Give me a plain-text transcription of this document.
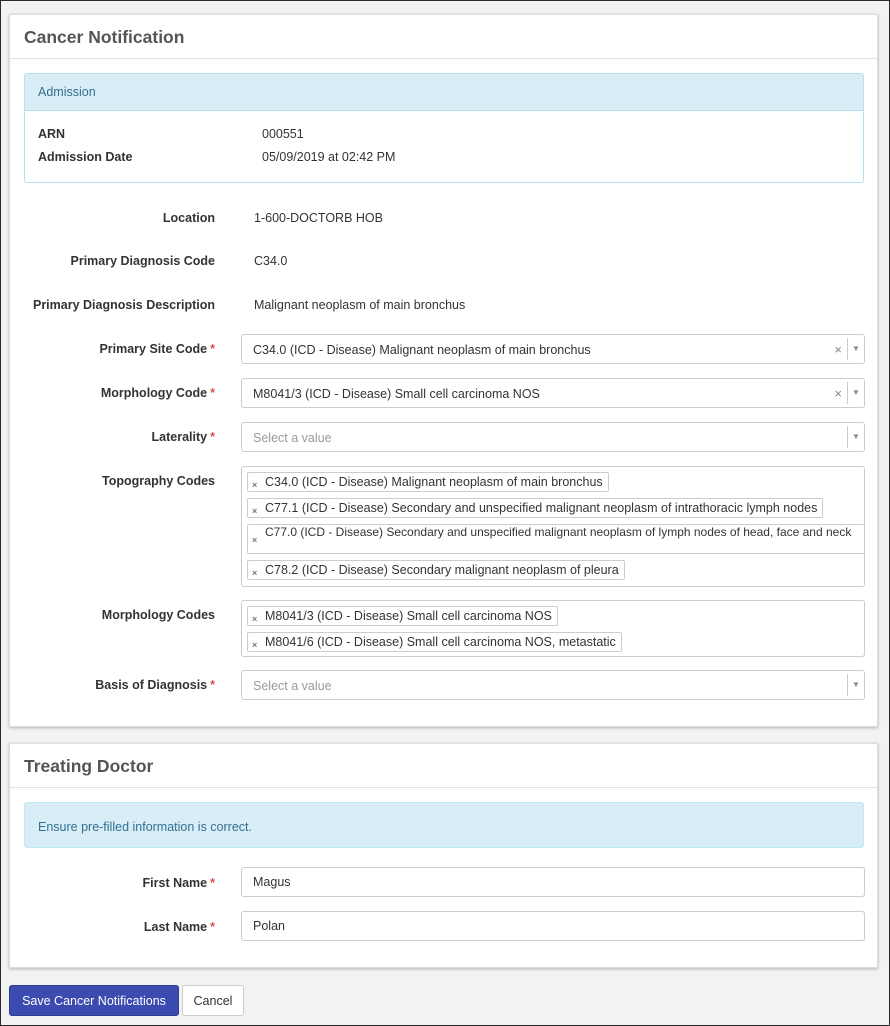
Cancer Notification
Admission
ARN	000551
Admission Date	05/09/2019 at 02:42 PM
Location	1-600-DOCTORB HOB
Primary Diagnosis Code	C34.0
Primary Diagnosis Description	Malignant neoplasm of main bronchus
Primary Site Code *	C34.0 (ICD - Disease) Malignant neoplasm of main bronchus	× ▼
Morphology Code *	M8041/3 (ICD - Disease) Small cell carcinoma NOS	× ▼
Laterality *	Select a value	▼
Topography Codes	× C34.0 (ICD - Disease) Malignant neoplasm of main bronchus
× C77.1 (ICD - Disease) Secondary and unspecified malignant neoplasm of intrathoracic lymph nodes
×
C77.0 (ICD - Disease) Secondary and unspecified malignant neoplasm of lymph nodes of head, face and neck
× C78.2 (ICD - Disease) Secondary malignant neoplasm of pleura
Morphology Codes	× M8041/3 (ICD - Disease) Small cell carcinoma NOS
× M8041/6 (ICD - Disease) Small cell carcinoma NOS, metastatic
Basis of Diagnosis *	Select a value	▼
Treating Doctor
Ensure pre-filled information is correct.
First Name *
Magus
Last Name *
Polan
Save Cancer Notifications	Cancel
